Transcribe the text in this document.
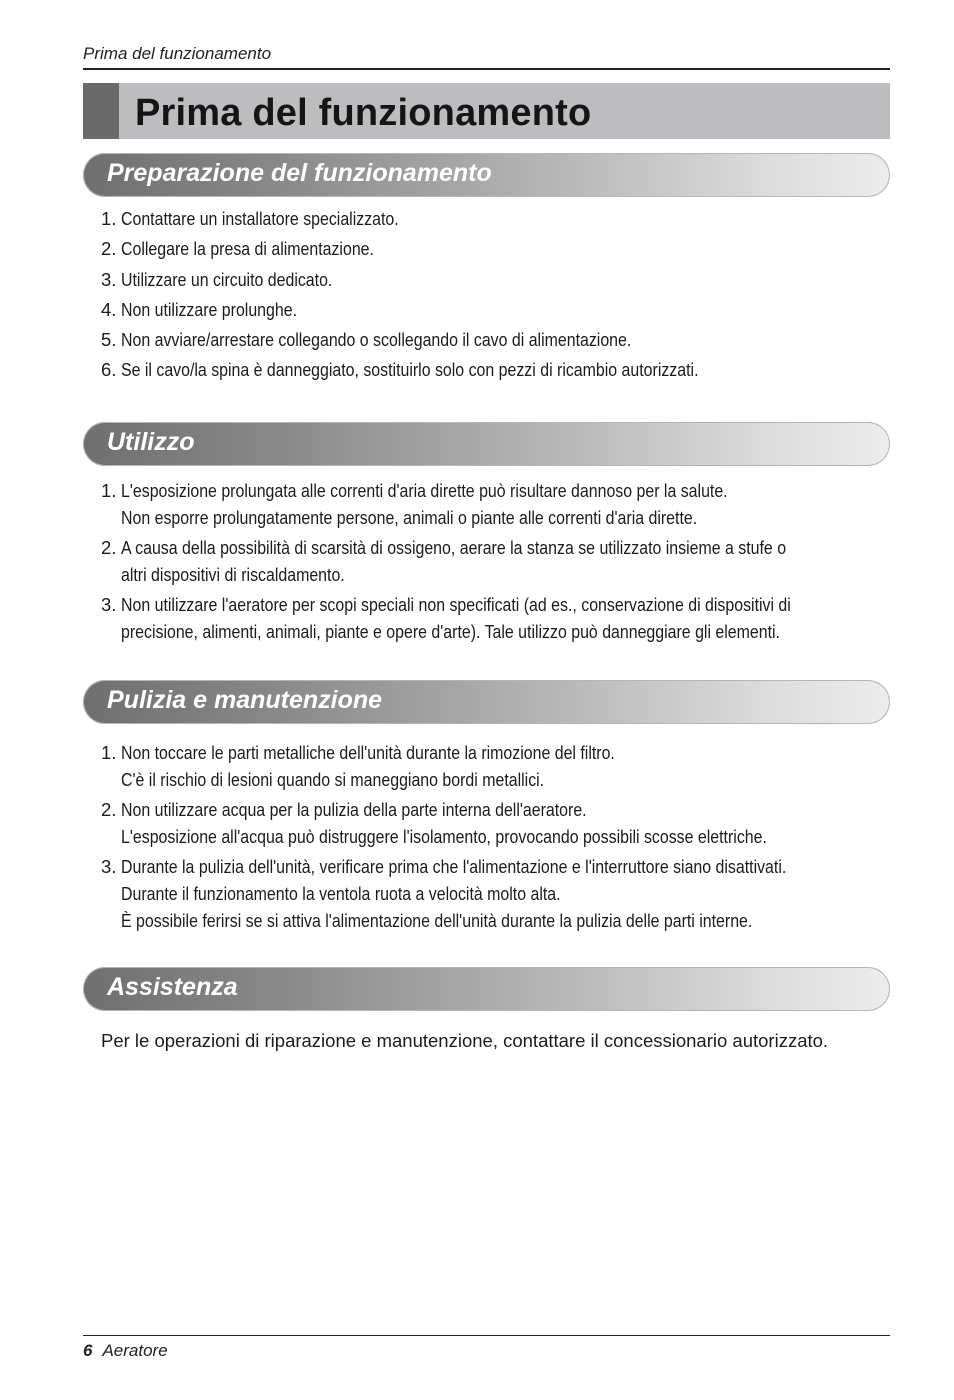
Prima del funzionamento
Prima del funzionamento
Preparazione del funzionamento
1. Contattare un installatore specializzato.
2. Collegare la presa di alimentazione.
3. Utilizzare un circuito dedicato.
4. Non utilizzare prolunghe.
5. Non avviare/arrestare collegando o scollegando il cavo di alimentazione.
6. Se il cavo/la spina è danneggiato, sostituirlo solo con pezzi di ricambio autorizzati.
Utilizzo
1. L'esposizione prolungata alle correnti d'aria dirette può risultare dannoso per la salute.
Non esporre prolungatamente persone, animali o piante alle correnti d'aria dirette.
2. A causa della possibilità di scarsità di ossigeno, aerare la stanza se utilizzato insieme a stufe o
altri dispositivi di riscaldamento.
3. Non utilizzare l'aeratore per scopi speciali non specificati (ad es., conservazione di dispositivi di
precisione, alimenti, animali, piante e opere d'arte). Tale utilizzo può danneggiare gli elementi.
Pulizia e manutenzione
1. Non toccare le parti metalliche dell'unità durante la rimozione del filtro.
C'è il rischio di lesioni quando si maneggiano bordi metallici.
2. Non utilizzare acqua per la pulizia della parte interna dell'aeratore.
L'esposizione all'acqua può distruggere l'isolamento, provocando possibili scosse elettriche.
3. Durante la pulizia dell'unità, verificare prima che l'alimentazione e l'interruttore siano disattivati.
Durante il funzionamento la ventola ruota a velocità molto alta.
È possibile ferirsi se si attiva l'alimentazione dell'unità durante la pulizia delle parti interne.
Assistenza
Per le operazioni di riparazione e manutenzione, contattare il concessionario autorizzato.
6 Aeratore
